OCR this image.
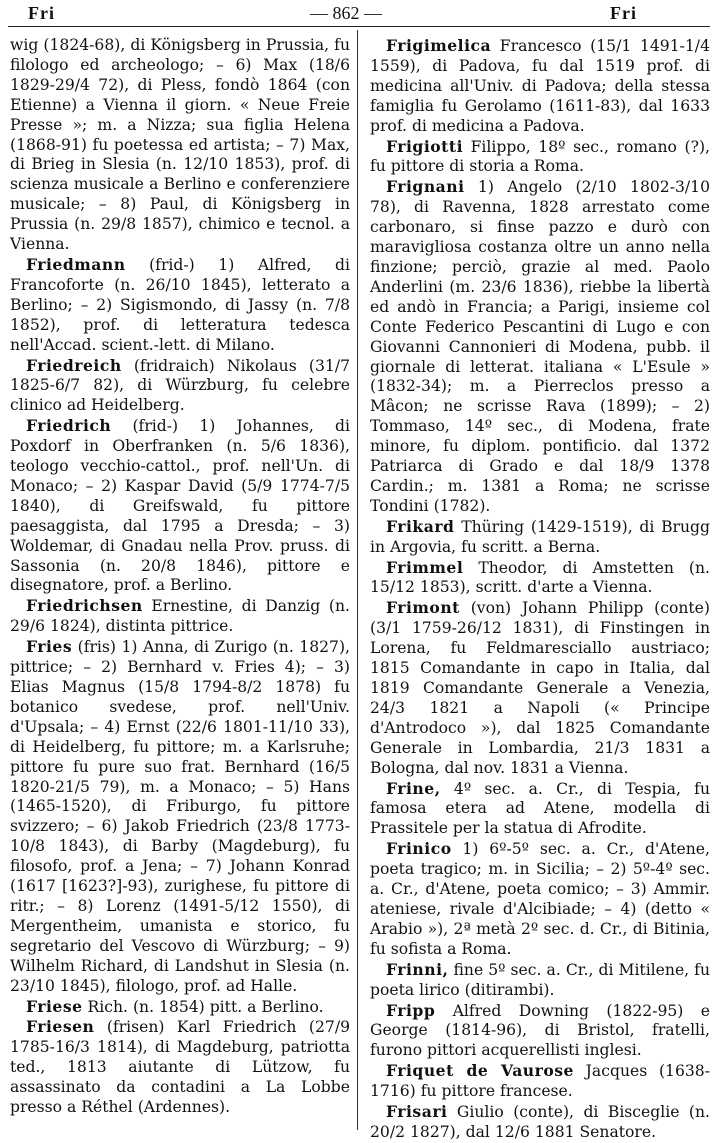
Fri	— 862 —	Fri

wig (1824-68), di Königsberg in Prussia, fu filologo ed archeologo; – 6) Max (18/6 1829-29/4 72), di Pless, fondò 1864 (con Etienne) a Vienna il giorn. « Neue Freie Presse »; m. a Nizza; sua figlia Helena (1868-91) fu poetessa ed artista; – 7) Max, di Brieg in Slesia (n. 12/10 1853), prof. di scienza musicale a Berlino e conferenziere musicale; – 8) Paul, di Königsberg in Prussia (n. 29/8 1857), chimico e tecnol. a Vienna.

Friedmann (frid-) 1) Alfred, di Francoforte (n. 26/10 1845), letterato a Berlino; – 2) Sigismondo, di Jassy (n. 7/8 1852), prof. di letteratura tedesca nell'Accad. scient.-lett. di Milano.

Friedreich (fridraich) Nikolaus (31/7 1825-6/7 82), di Würzburg, fu celebre clinico ad Heidelberg.

Friedrich (frid-) 1) Johannes, di Poxdorf in Oberfranken (n. 5/6 1836), teologo vecchio-cattol., prof. nell'Un. di Monaco; – 2) Kaspar David (5/9 1774-7/5 1840), di Greifswald, fu pittore paesaggista, dal 1795 a Dresda; – 3) Woldemar, di Gnadau nella Prov. pruss. di Sassonia (n. 20/8 1846), pittore e disegnatore, prof. a Berlino.

Friedrichsen Ernestine, di Danzig (n. 29/6 1824), distinta pittrice.

Fries (fris) 1) Anna, di Zurigo (n. 1827), pittrice; – 2) Bernhard v. Fries 4); – 3) Elias Magnus (15/8 1794-8/2 1878) fu botanico svedese, prof. nell'Univ. d'Upsala; – 4) Ernst (22/6 1801-11/10 33), di Heidelberg, fu pittore; m. a Karlsruhe; pittore fu pure suo frat. Bernhard (16/5 1820-21/5 79), m. a Monaco; – 5) Hans (1465-1520), di Friburgo, fu pittore svizzero; – 6) Jakob Friedrich (23/8 1773-10/8 1843), di Barby (Magdeburg), fu filosofo, prof. a Jena; – 7) Johann Konrad (1617 [1623?]-93), zurighese, fu pittore di ritr.; – 8) Lorenz (1491-5/12 1550), di Mergentheim, umanista e storico, fu segretario del Vescovo di Würzburg; – 9) Wilhelm Richard, di Landshut in Slesia (n. 23/10 1845), filologo, prof. ad Halle.

Friese Rich. (n. 1854) pitt. a Berlino.

Friesen (frisen) Karl Friedrich (27/9 1785-16/3 1814), di Magdeburg, patriotta ted., 1813 aiutante di Lützow, fu assassinato da contadini a La Lobbe presso a Réthel (Ardennes).

Frigimelica Francesco (15/1 1491-1/4 1559), di Padova, fu dal 1519 prof. di medicina all'Univ. di Padova; della stessa famiglia fu Gerolamo (1611-83), dal 1633 prof. di medicina a Padova.

Frigiotti Filippo, 18º sec., romano (?), fu pittore di storia a Roma.

Frignani 1) Angelo (2/10 1802-3/10 78), di Ravenna, 1828 arrestato come carbonaro, si finse pazzo e durò con maravigliosa costanza oltre un anno nella finzione; perciò, grazie al med. Paolo Anderlini (m. 23/6 1836), riebbe la libertà ed andò in Francia; a Parigi, insieme col Conte Federico Pescantini di Lugo e con Giovanni Cannonieri di Modena, pubb. il giornale di letterat. italiana « L'Esule » (1832-34); m. a Pierreclos presso a Mâcon; ne scrisse Rava (1899); – 2) Tommaso, 14º sec., di Modena, frate minore, fu diplom. pontificio. dal 1372 Patriarca di Grado e dal 18/9 1378 Cardin.; m. 1381 a Roma; ne scrisse Tondini (1782).

Frikard Thüring (1429-1519), di Brugg in Argovia, fu scritt. a Berna.

Frimmel Theodor, di Amstetten (n. 15/12 1853), scritt. d'arte a Vienna.

Frimont (von) Johann Philipp (conte) (3/1 1759-26/12 1831), di Finstingen in Lorena, fu Feldmaresciallo austriaco; 1815 Comandante in capo in Italia, dal 1819 Comandante Generale a Venezia, 24/3 1821 a Napoli (« Principe d'Antrodoco »), dal 1825 Comandante Generale in Lombardia, 21/3 1831 a Bologna, dal nov. 1831 a Vienna.

Frine, 4º sec. a. Cr., di Tespia, fu famosa etera ad Atene, modella di Prassitele per la statua di Afrodite.

Frinico 1) 6º-5º sec. a. Cr., d'Atene, poeta tragico; m. in Sicilia; – 2) 5º-4º sec. a. Cr., d'Atene, poeta comico; – 3) Ammir. ateniese, rivale d'Alcibiade; – 4) (detto « Arabio »), 2ª metà 2º sec. d. Cr., di Bitinia, fu sofista a Roma.

Frinni, fine 5º sec. a. Cr., di Mitilene, fu poeta lirico (ditirambi).

Fripp Alfred Downing (1822-95) e George (1814-96), di Bristol, fratelli, furono pittori acquerellisti inglesi.

Friquet de Vaurose Jacques (1638-1716) fu pittore francese.

Frisari Giulio (conte), di Bisceglie (n. 20/2 1827), dal 12/6 1881 Senatore.
